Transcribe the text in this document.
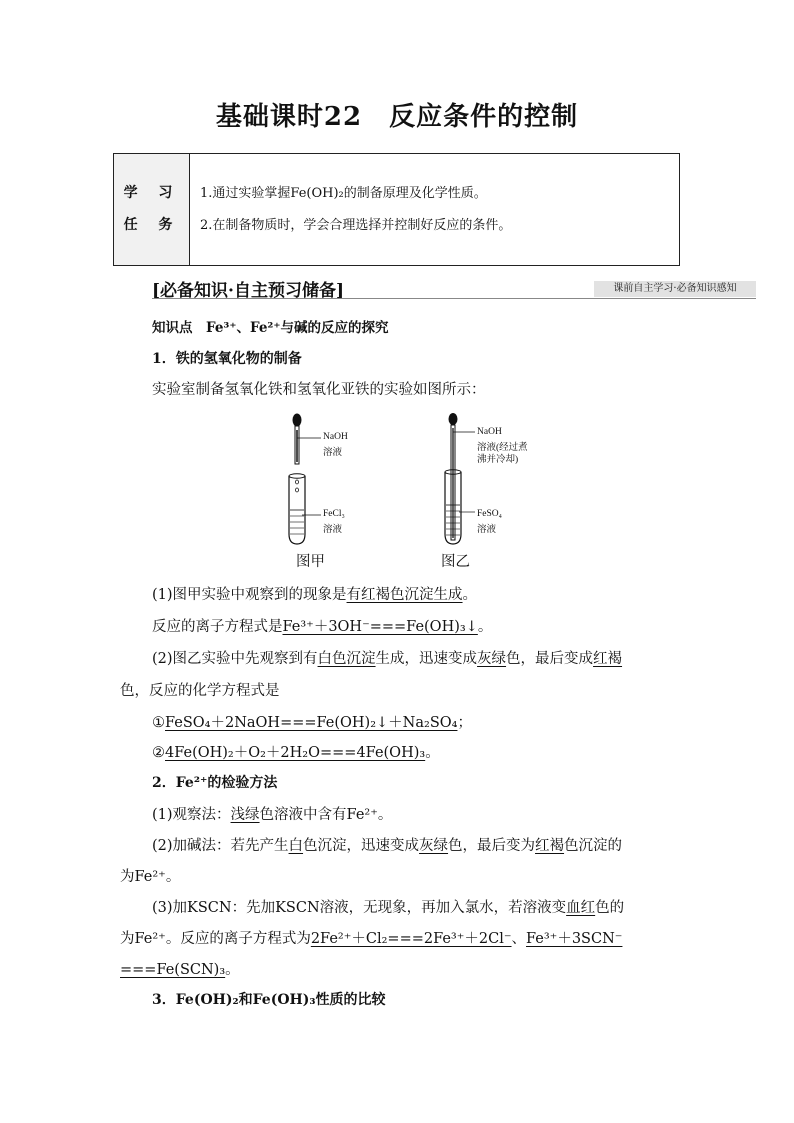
基础课时22　反应条件的控制
学 习
任 务
1.通过实验掌握Fe(OH)₂的制备原理及化学性质。
2.在制备物质时，学会合理选择并控制好反应的条件。
[必备知识·自主预习储备]	课前自主学习·必备知识感知
知识点　Fe³⁺、Fe²⁺与碱的反应的探究
1．铁的氢氧化物的制备
实验室制备氢氧化铁和氢氧化亚铁的实验如图所示：
NaOH
溶液
FeCl₃
溶液
图甲
NaOH
溶液(经过煮
沸并冷却)
FeSO₄
溶液
图乙
(1)图甲实验中观察到的现象是有红褐色沉淀生成。
反应的离子方程式是Fe³⁺＋3OH⁻===Fe(OH)₃↓。
(2)图乙实验中先观察到有白色沉淀生成，迅速变成灰绿色，最后变成红褐
色，反应的化学方程式是
①FeSO₄＋2NaOH===Fe(OH)₂↓＋Na₂SO₄；
②4Fe(OH)₂＋O₂＋2H₂O===4Fe(OH)₃。
2．Fe²⁺的检验方法
(1)观察法：浅绿色溶液中含有Fe²⁺。
(2)加碱法：若先产生白色沉淀，迅速变成灰绿色，最后变为红褐色沉淀的
为Fe²⁺。
(3)加KSCN：先加KSCN溶液，无现象，再加入氯水，若溶液变血红色的
为Fe²⁺。反应的离子方程式为2Fe²⁺＋Cl₂===2Fe³⁺＋2Cl⁻、Fe³⁺＋3SCN⁻
===Fe(SCN)₃。
3．Fe(OH)₂和Fe(OH)₃性质的比较
